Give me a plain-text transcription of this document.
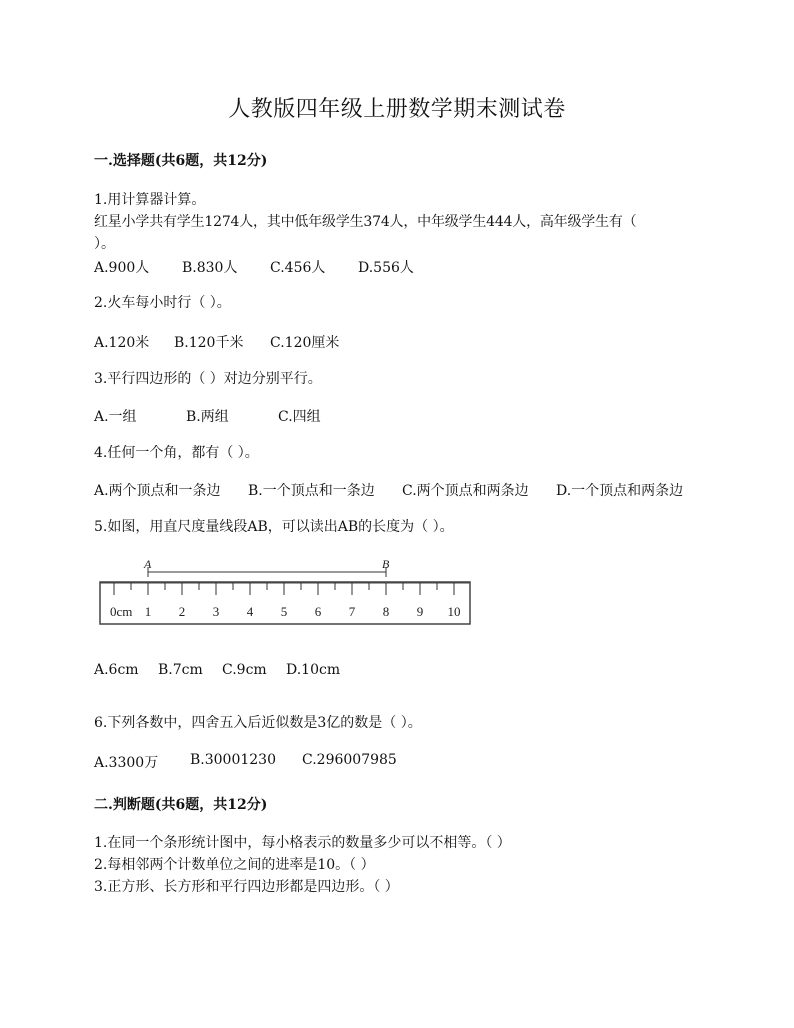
人教版四年级上册数学期末测试卷
一.选择题(共6题，共12分)
1.用计算器计算。
红星小学共有学生1274人，其中低年级学生374人，中年级学生444人，高年级学生有（
）。
A.900人	B.830人	C.456人	D.556人
2.火车每小时行（ ）。
A.120米	B.120千米	C.120厘米
3.平行四边形的（ ）对边分别平行。
A.一组	B.两组	C.四组
4.任何一个角，都有（ ）。
A.两个顶点和一条边	B.一个顶点和一条边	C.两个顶点和两条边	D.一个顶点和两条边
5.如图，用直尺度量线段AB，可以读出AB的长度为（ ）。
A	B
0cm 1 2 3 4 5 6 7 8 9 10
A.6cm	B.7cm	C.9cm	D.10cm
6.下列各数中，四舍五入后近似数是3亿的数是（ ）。
A.3300万	B.30001230	C.296007985
二.判断题(共6题，共12分)
1.在同一个条形统计图中，每小格表示的数量多少可以不相等。（ ）
2.每相邻两个计数单位之间的进率是10。（ ）
3.正方形、长方形和平行四边形都是四边形。（ ）
